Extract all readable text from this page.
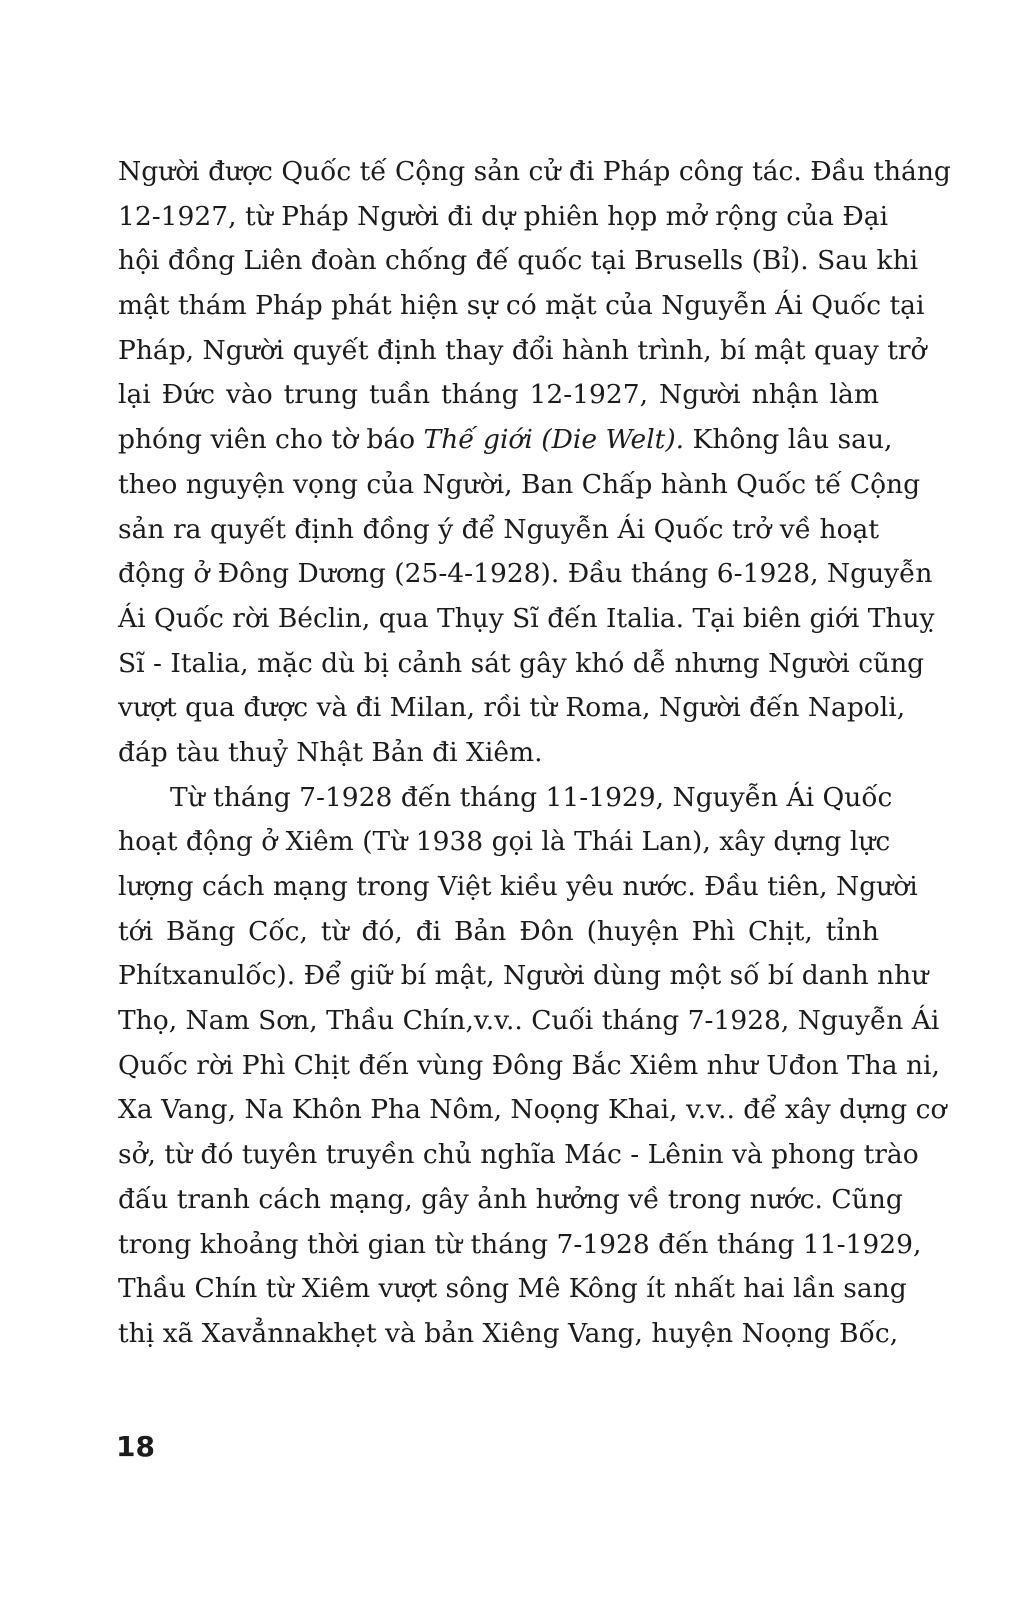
Người được Quốc tế Cộng sản cử đi Pháp công tác. Đầu tháng
12-1927, từ Pháp Người đi dự phiên họp mở rộng của Đại
hội đồng Liên đoàn chống đế quốc tại Brusells (Bỉ). Sau khi
mật thám Pháp phát hiện sự có mặt của Nguyễn Ái Quốc tại
Pháp, Người quyết định thay đổi hành trình, bí mật quay trở
lại Đức vào trung tuần tháng 12-1927, Người nhận làm
phóng viên cho tờ báo Thế giới (Die Welt). Không lâu sau,
theo nguyện vọng của Người, Ban Chấp hành Quốc tế Cộng
sản ra quyết định đồng ý để Nguyễn Ái Quốc trở về hoạt
động ở Đông Dương (25-4-1928). Đầu tháng 6-1928, Nguyễn
Ái Quốc rời Béclin, qua Thụy Sĩ đến Italia. Tại biên giới Thuỵ
Sĩ - Italia, mặc dù bị cảnh sát gây khó dễ nhưng Người cũng
vượt qua được và đi Milan, rồi từ Roma, Người đến Napoli,
đáp tàu thuỷ Nhật Bản đi Xiêm.
Từ tháng 7-1928 đến tháng 11-1929, Nguyễn Ái Quốc
hoạt động ở Xiêm (Từ 1938 gọi là Thái Lan), xây dựng lực
lượng cách mạng trong Việt kiều yêu nước. Đầu tiên, Người
tới Băng Cốc, từ đó, đi Bản Đôn (huyện Phì Chịt, tỉnh
Phítxanulốc). Để giữ bí mật, Người dùng một số bí danh như
Thọ, Nam Sơn, Thầu Chín,v.v.. Cuối tháng 7-1928, Nguyễn Ái
Quốc rời Phì Chịt đến vùng Đông Bắc Xiêm như Uđon Tha ni,
Xa Vang, Na Khôn Pha Nôm, Noọng Khai, v.v.. để xây dựng cơ
sở, từ đó tuyên truyền chủ nghĩa Mác - Lênin và phong trào
đấu tranh cách mạng, gây ảnh hưởng về trong nước. Cũng
trong khoảng thời gian từ tháng 7-1928 đến tháng 11-1929,
Thầu Chín từ Xiêm vượt sông Mê Kông ít nhất hai lần sang
thị xã Xavẳnnakhẹt và bản Xiêng Vang, huyện Noọng Bốc,
18
